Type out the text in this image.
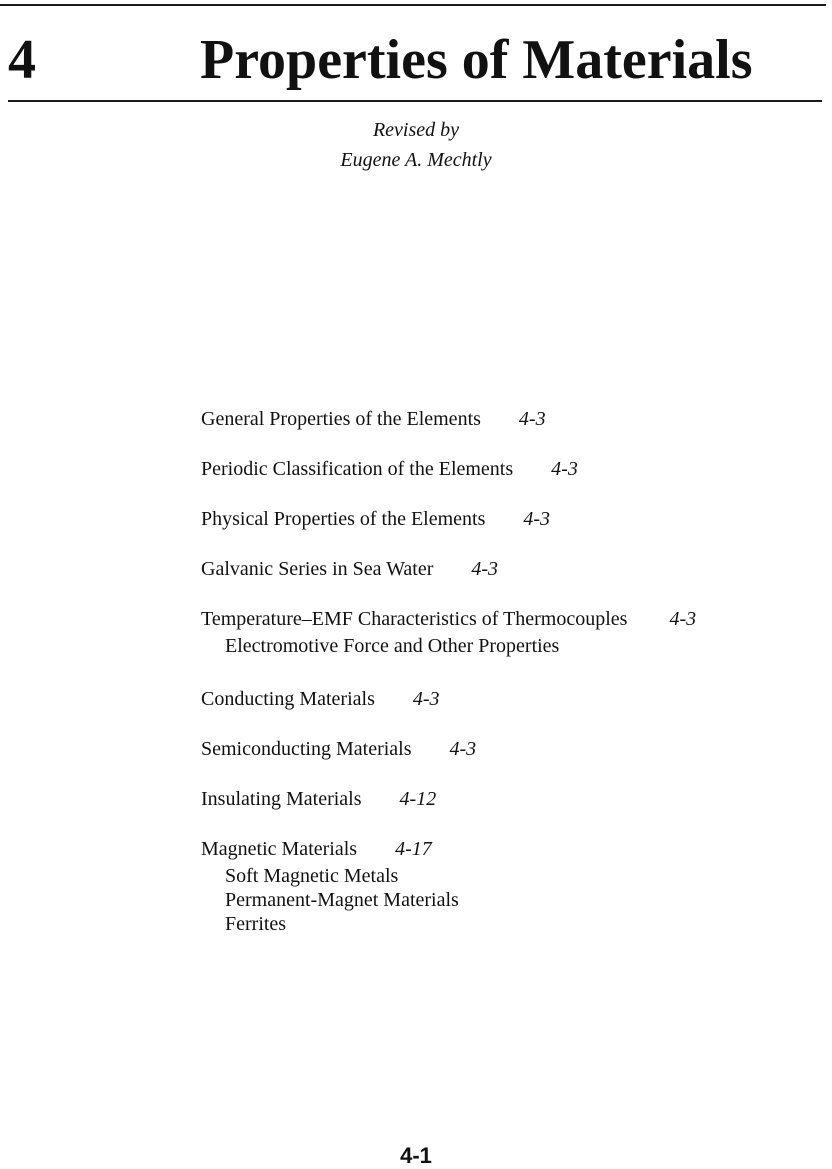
4	Properties of Materials
Revised by
Eugene A. Mechtly
General Properties of the Elements 4-3
Periodic Classification of the Elements 4-3
Physical Properties of the Elements 4-3
Galvanic Series in Sea Water 4-3
Temperature–EMF Characteristics of Thermocouples 4-3
Electromotive Force and Other Properties
Conducting Materials 4-3
Semiconducting Materials 4-3
Insulating Materials 4-12
Magnetic Materials 4-17
Soft Magnetic Metals
Permanent-Magnet Materials
Ferrites
4-1
